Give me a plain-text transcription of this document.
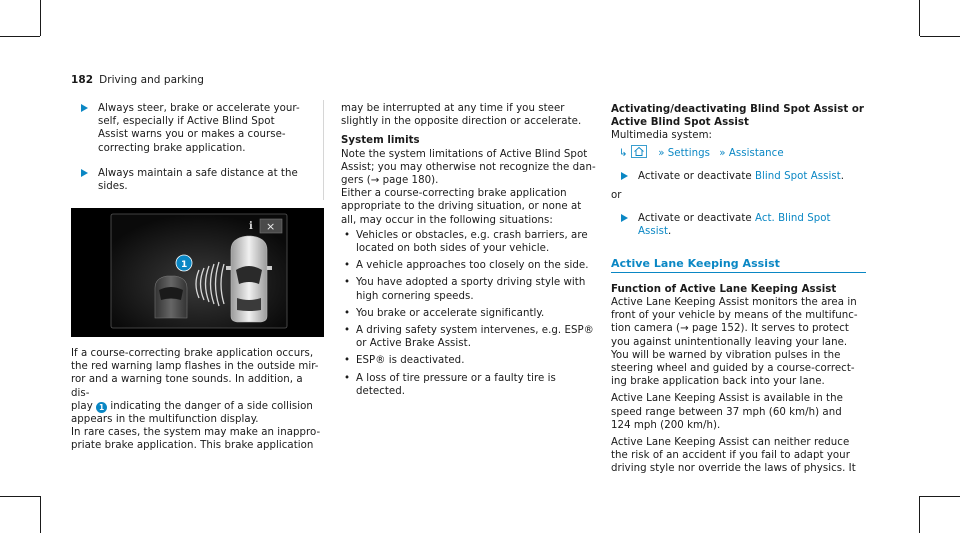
182 Driving and parking
Always steer, brake or accelerate your-
self, especially if Active Blind Spot
Assist warns you or makes a course-
correcting brake application.
Always maintain a safe distance at the
sides.
i ×
1
If a course-correcting brake application occurs,
the red warning lamp flashes in the outside mir-
ror and a warning tone sounds. In addition, a dis-
play 1 indicating the danger of a side collision
appears in the multifunction display.
In rare cases, the system may make an inappro-
priate brake application. This brake application
may be interrupted at any time if you steer
slightly in the opposite direction or accelerate.
System limits
Note the system limitations of Active Blind Spot
Assist; you may otherwise not recognize the dan-
gers (→ page 180).
Either a course-correcting brake application
appropriate to the driving situation, or none at
all, may occur in the following situations:
• Vehicles or obstacles, e.g. crash barriers, are
located on both sides of your vehicle.
• A vehicle approaches too closely on the side.
• You have adopted a sporty driving style with
high cornering speeds.
• You brake or accelerate significantly.
• A driving safety system intervenes, e.g. ESP®
or Active Brake Assist.
• ESP® is deactivated.
• A loss of tire pressure or a faulty tire is
detected.
Activating/deactivating Blind Spot Assist or
Active Blind Spot Assist
Multimedia system:
↳	» Settings » Assistance
Activate or deactivate Blind Spot Assist.
or
Activate or deactivate Act. Blind Spot Assist.
Active Lane Keeping Assist
Function of Active Lane Keeping Assist
Active Lane Keeping Assist monitors the area in
front of your vehicle by means of the multifunc-
tion camera (→ page 152). It serves to protect
you against unintentionally leaving your lane.
You will be warned by vibration pulses in the
steering wheel and guided by a course-correct-
ing brake application back into your lane.
Active Lane Keeping Assist is available in the
speed range between 37 mph (60 km/h) and
124 mph (200 km/h).
Active Lane Keeping Assist can neither reduce
the risk of an accident if you fail to adapt your
driving style nor override the laws of physics. It
